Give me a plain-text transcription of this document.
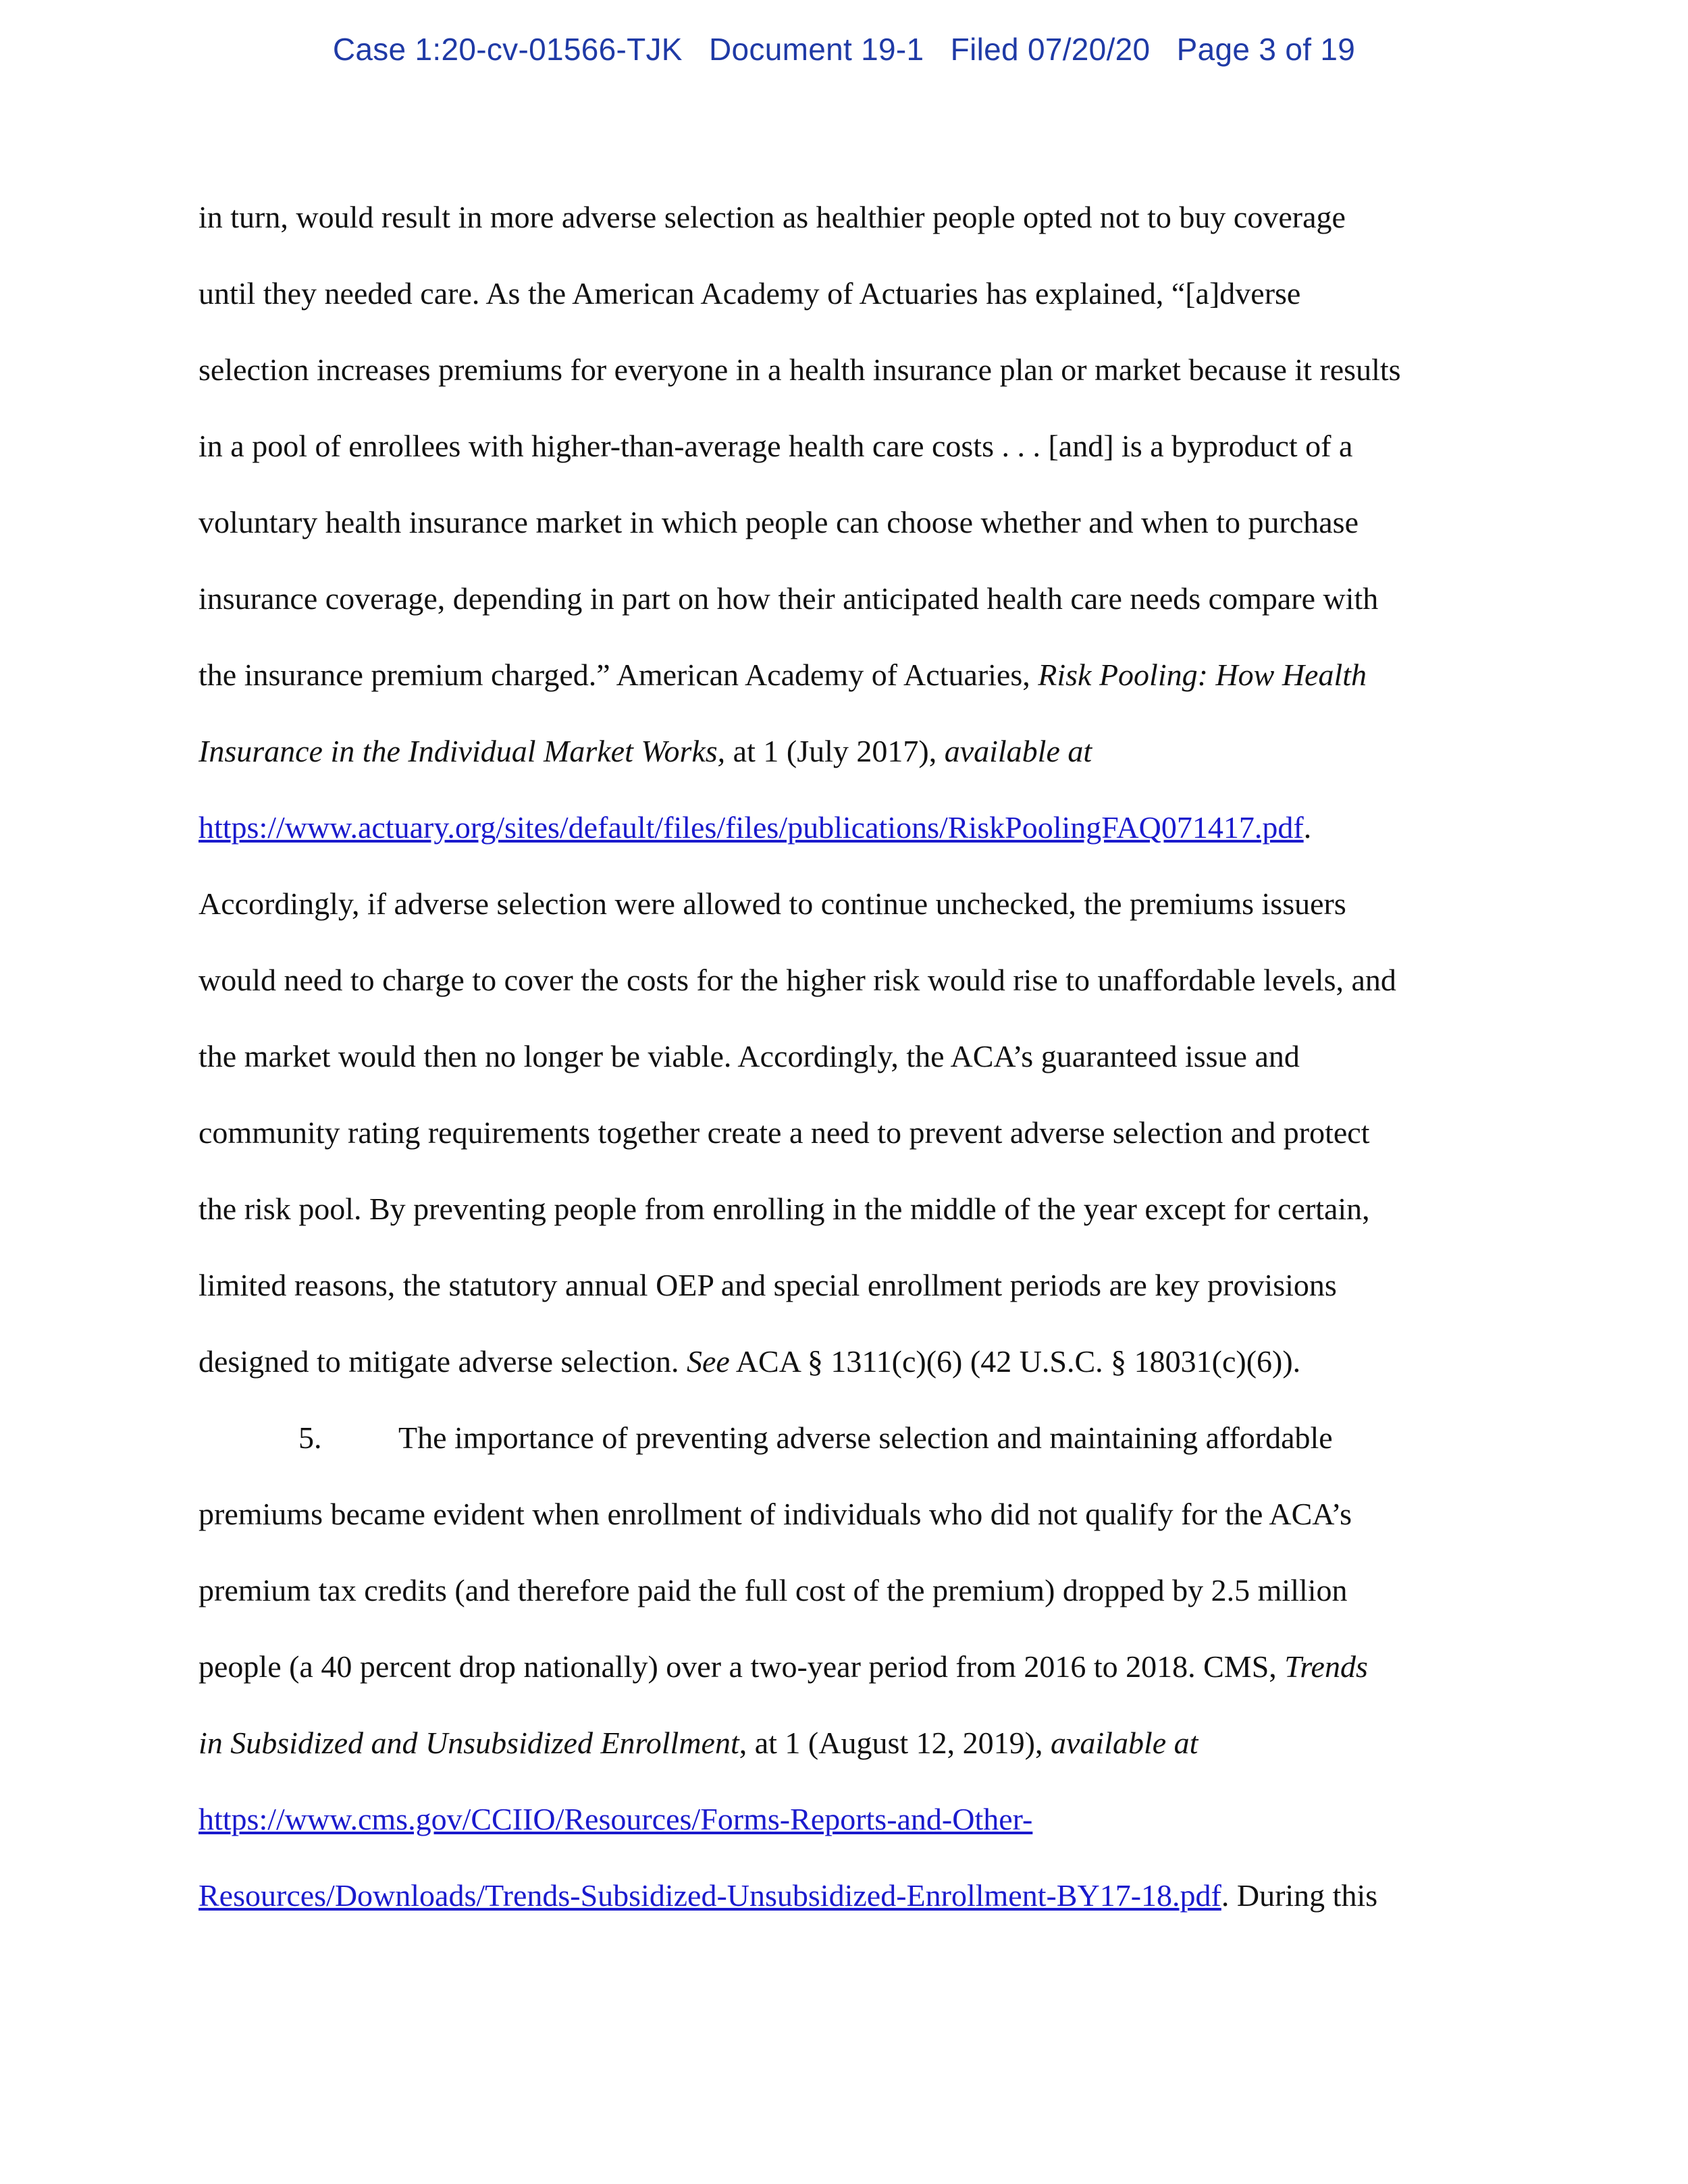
Case 1:20-cv-01566-TJK   Document 19-1   Filed 07/20/20   Page 3 of 19
in turn, would result in more adverse selection as healthier people opted not to buy coverage
until they needed care. As the American Academy of Actuaries has explained, “[a]dverse
selection increases premiums for everyone in a health insurance plan or market because it results
in a pool of enrollees with higher-than-average health care costs . . . [and] is a byproduct of a
voluntary health insurance market in which people can choose whether and when to purchase
insurance coverage, depending in part on how their anticipated health care needs compare with
the insurance premium charged.” American Academy of Actuaries, Risk Pooling: How Health
Insurance in the Individual Market Works, at 1 (July 2017), available at
https://www.actuary.org/sites/default/files/files/publications/RiskPoolingFAQ071417.pdf.
Accordingly, if adverse selection were allowed to continue unchecked, the premiums issuers
would need to charge to cover the costs for the higher risk would rise to unaffordable levels, and
the market would then no longer be viable. Accordingly, the ACA’s guaranteed issue and
community rating requirements together create a need to prevent adverse selection and protect
the risk pool. By preventing people from enrolling in the middle of the year except for certain,
limited reasons, the statutory annual OEP and special enrollment periods are key provisions
designed to mitigate adverse selection. See ACA § 1311(c)(6) (42 U.S.C. § 18031(c)(6)).
5. The importance of preventing adverse selection and maintaining affordable
premiums became evident when enrollment of individuals who did not qualify for the ACA’s
premium tax credits (and therefore paid the full cost of the premium) dropped by 2.5 million
people (a 40 percent drop nationally) over a two-year period from 2016 to 2018. CMS, Trends
in Subsidized and Unsubsidized Enrollment, at 1 (August 12, 2019), available at
https://www.cms.gov/CCIIO/Resources/Forms-Reports-and-Other-
Resources/Downloads/Trends-Subsidized-Unsubsidized-Enrollment-BY17-18.pdf. During this
